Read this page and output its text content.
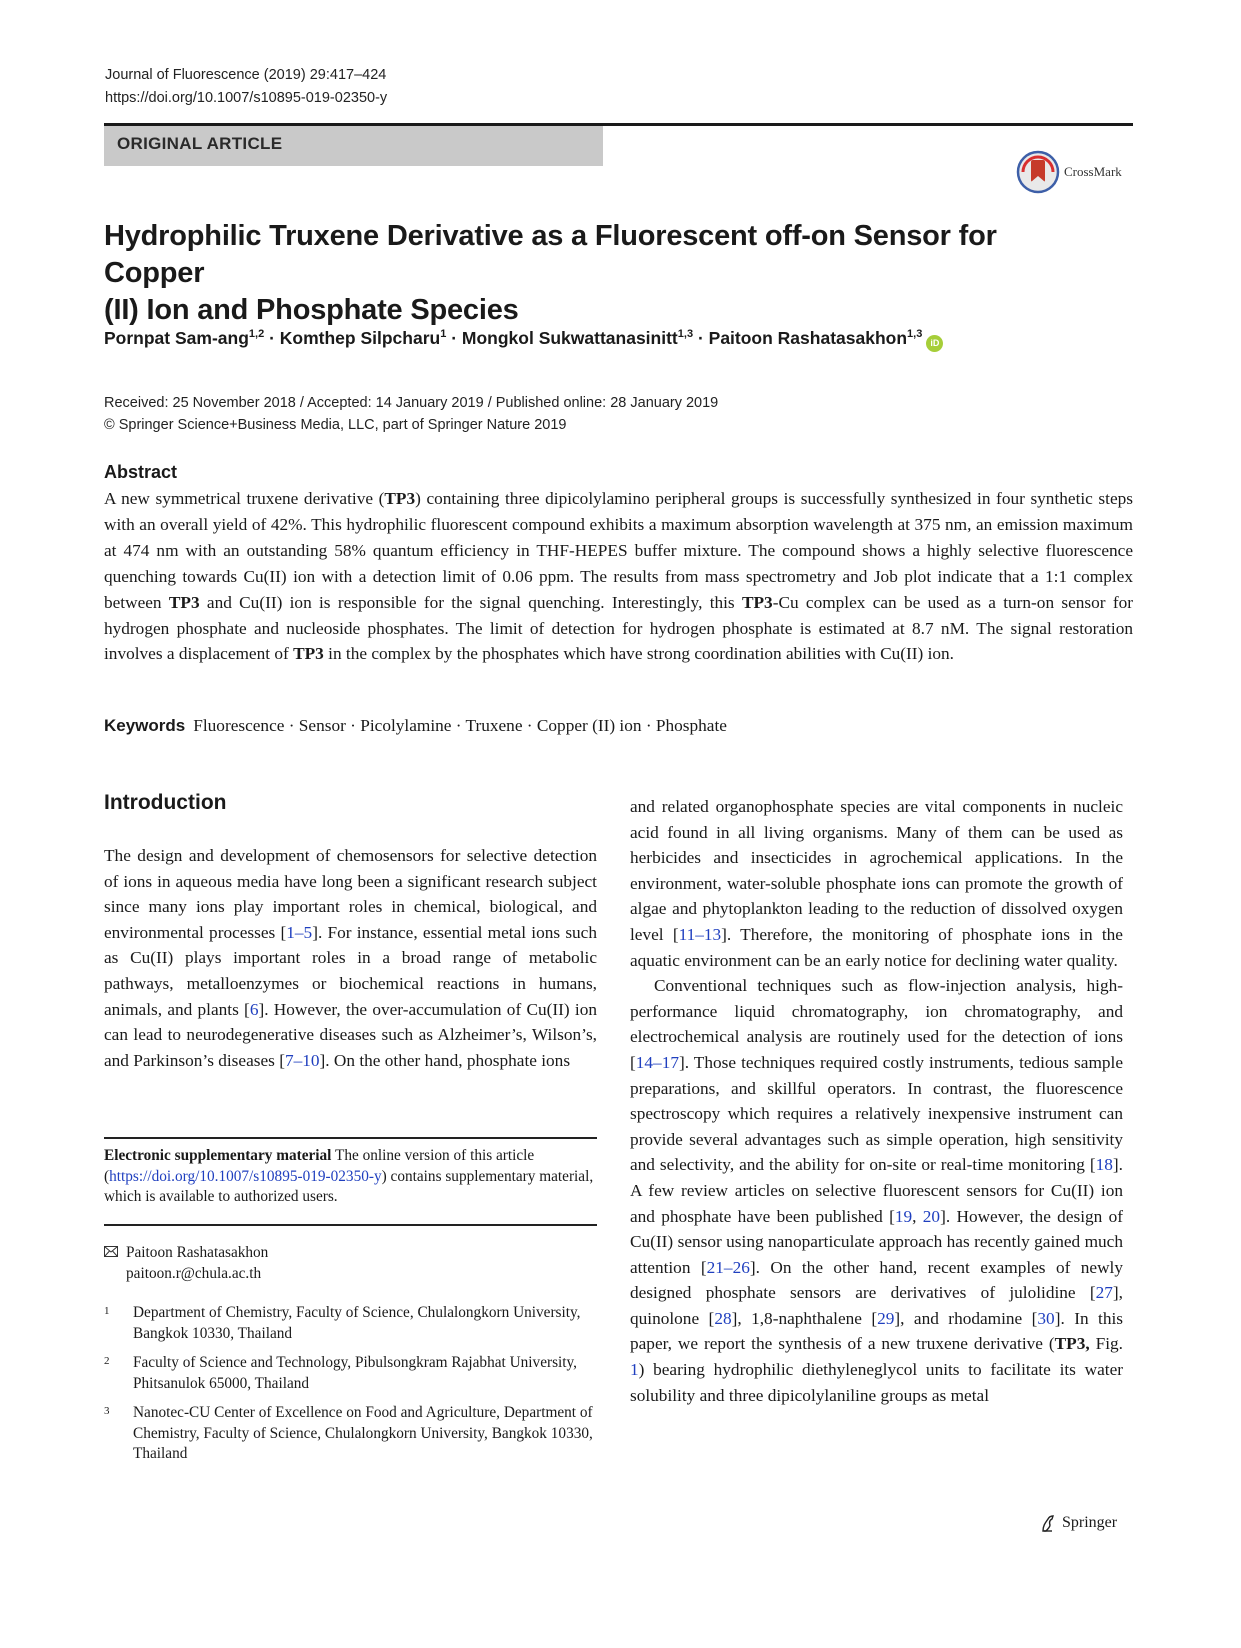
Journal of Fluorescence (2019) 29:417–424
https://doi.org/10.1007/s10895-019-02350-y
ORIGINAL ARTICLE
CrossMark
Hydrophilic Truxene Derivative as a Fluorescent off-on Sensor for Copper
(II) Ion and Phosphate Species
Pornpat Sam-ang$^{1,2}$ · Komthep Silpcharu$^1$ · Mongkol Sukwattanasinitt$^{1,3}$ · Paitoon Rashatasakhon$^{1,3}$iD
Received: 25 November 2018 / Accepted: 14 January 2019 / Published online: 28 January 2019
© Springer Science+Business Media, LLC, part of Springer Nature 2019
Abstract
A new symmetrical truxene derivative (TP3) containing three dipicolylamino peripheral groups is successfully synthesized in four synthetic steps with an overall yield of 42%. This hydrophilic fluorescent compound exhibits a maximum absorption wavelength at 375 nm, an emission maximum at 474 nm with an outstanding 58% quantum efficiency in THF-HEPES buffer mixture. The compound shows a highly selective fluorescence quenching towards Cu(II) ion with a detection limit of 0.06 ppm. The results from mass spectrometry and Job plot indicate that a 1:1 complex between TP3 and Cu(II) ion is responsible for the signal quenching. Interestingly, this TP3-Cu complex can be used as a turn-on sensor for hydrogen phosphate and nucleoside phosphates. The limit of detection for hydrogen phosphate is estimated at 8.7 nM. The signal restoration involves a displacement of TP3 in the complex by the phosphates which have strong coordination abilities with Cu(II) ion.
Keywords Fluorescence · Sensor · Picolylamine · Truxene · Copper (II) ion · Phosphate
Introduction
The design and development of chemosensors for selective detection of ions in aqueous media have long been a significant research subject since many ions play important roles in chemical, biological, and environmental processes [1–5]. For instance, essential metal ions such as Cu(II) plays important roles in a broad range of metabolic pathways, metalloenzymes or biochemical reactions in humans, animals, and plants [6]. However, the over-accumulation of Cu(II) ion can lead to neurodegenerative diseases such as Alzheimer’s, Wilson’s, and Parkinson’s diseases [7–10]. On the other hand, phosphate ions
and related organophosphate species are vital components in nucleic acid found in all living organisms. Many of them can be used as herbicides and insecticides in agrochemical applications. In the environment, water-soluble phosphate ions can promote the growth of algae and phytoplankton leading to the reduction of dissolved oxygen level [11–13]. Therefore, the monitoring of phosphate ions in the aquatic environment can be an early notice for declining water quality.
Conventional techniques such as flow-injection analysis, high-performance liquid chromatography, ion chromatography, and electrochemical analysis are routinely used for the detection of ions [14–17]. Those techniques required costly instruments, tedious sample preparations, and skillful operators. In contrast, the fluorescence spectroscopy which requires a relatively inexpensive instrument can provide several advantages such as simple operation, high sensitivity and selectivity, and the ability for on-site or real-time monitoring [18]. A few review articles on selective fluorescent sensors for Cu(II) ion and phosphate have been published [19, 20]. However, the design of Cu(II) sensor using nanoparticulate approach has recently gained much attention [21–26]. On the other hand, recent examples of newly designed phosphate sensors are derivatives of julolidine [27], quinolone [28], 1,8-naphthalene [29], and rhodamine [30]. In this paper, we report the synthesis of a new truxene derivative (TP3, Fig. 1) bearing hydrophilic diethyleneglycol units to facilitate its water solubility and three dipicolylaniline groups as metal
Electronic supplementary material The online version of this article (https://doi.org/10.1007/s10895-019-02350-y) contains supplementary material, which is available to authorized users.
Paitoon Rashatasakhon
paitoon.r@chula.ac.th
1 Department of Chemistry, Faculty of Science, Chulalongkorn University, Bangkok 10330, Thailand
2 Faculty of Science and Technology, Pibulsongkram Rajabhat University, Phitsanulok 65000, Thailand
3 Nanotec-CU Center of Excellence on Food and Agriculture, Department of Chemistry, Faculty of Science, Chulalongkorn University, Bangkok 10330, Thailand
Springer
